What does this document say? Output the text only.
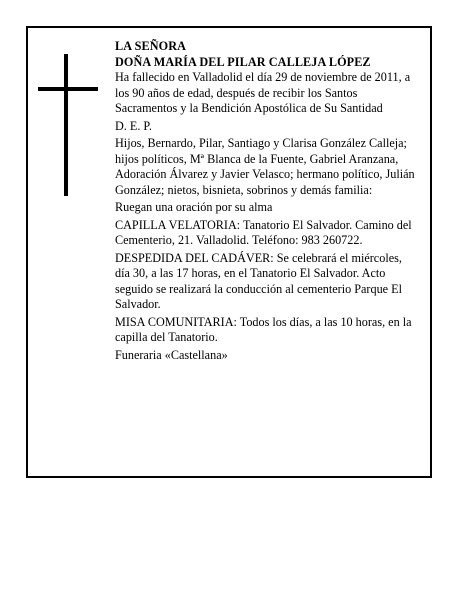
LA SEÑORA

DOÑA MARÍA DEL PILAR CALLEJA LÓPEZ

Ha fallecido en Valladolid el día 29 de noviembre de 2011, a los 90 años de edad, después de recibir los Santos Sacramentos y la Bendición Apostólica de Su Santidad

D. E. P.

Hijos, Bernardo, Pilar, Santiago y Clarisa González Calleja; hijos políticos, Mª Blanca de la Fuente, Gabriel Aranzana, Adoración Álvarez y Javier Velasco; hermano político, Julián González; nietos, bisnieta, sobrinos y demás familia:

Ruegan una oración por su alma

CAPILLA VELATORIA: Tanatorio El Salvador. Camino del Cementerio, 21. Valladolid. Teléfono: 983 260722.

DESPEDIDA DEL CADÁVER: Se celebrará el miércoles, día 30, a las 17 horas, en el Tanatorio El Salvador. Acto seguido se realizará la conducción al cementerio Parque El Salvador.

MISA COMUNITARIA: Todos los días, a las 10 horas, en la capilla del Tanatorio.

Funeraria «Castellana»
